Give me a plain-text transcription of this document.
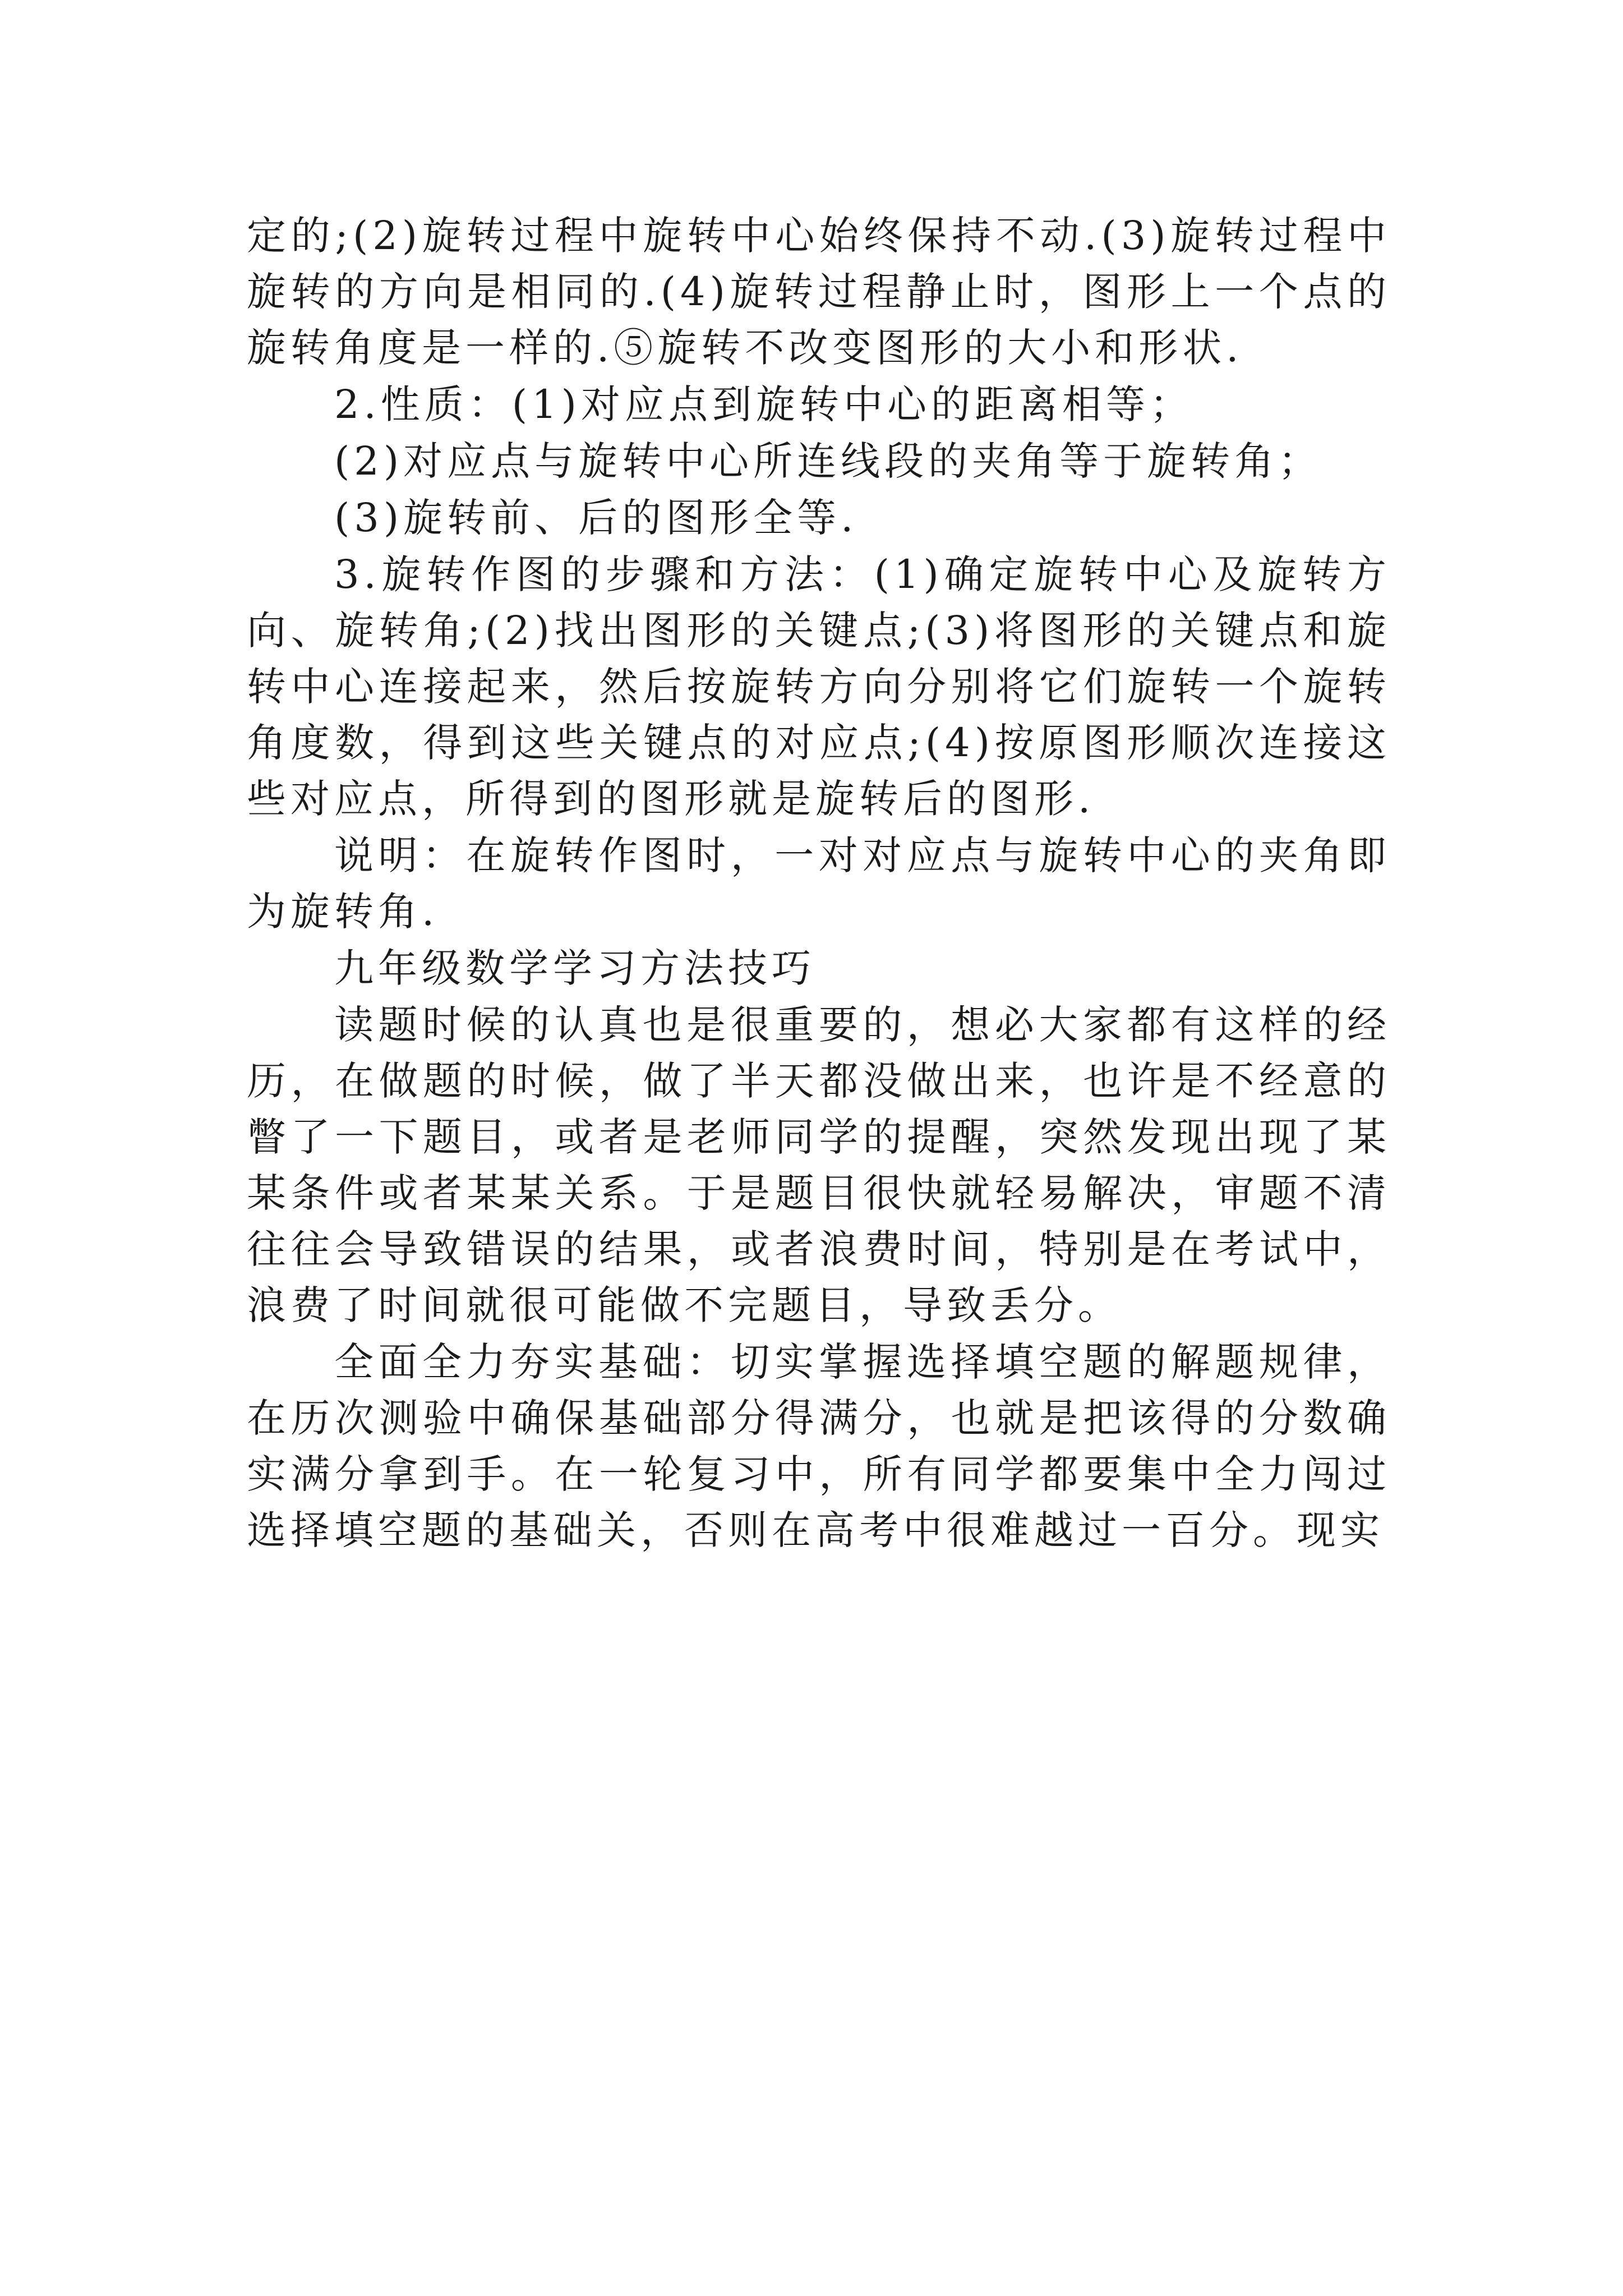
定的;(2)旋转过程中旋转中心始终保持不动.(3)旋转过程中旋转的方向是相同的.(4)旋转过程静止时，图形上一个点的旋转角度是一样的.⑤旋转不改变图形的大小和形状.

2.性质：(1)对应点到旋转中心的距离相等；

(2)对应点与旋转中心所连线段的夹角等于旋转角；

(3)旋转前、后的图形全等.

3.旋转作图的步骤和方法：(1)确定旋转中心及旋转方向、旋转角;(2)找出图形的关键点;(3)将图形的关键点和旋转中心连接起来，然后按旋转方向分别将它们旋转一个旋转角度数，得到这些关键点的对应点;(4)按原图形顺次连接这些对应点，所得到的图形就是旋转后的图形.

说明：在旋转作图时，一对对应点与旋转中心的夹角即为旋转角.

九年级数学学习方法技巧

读题时候的认真也是很重要的，想必大家都有这样的经历，在做题的时候，做了半天都没做出来，也许是不经意的瞥了一下题目，或者是老师同学的提醒，突然发现出现了某某条件或者某某关系。于是题目很快就轻易解决，审题不清往往会导致错误的结果，或者浪费时间，特别是在考试中，浪费了时间就很可能做不完题目，导致丢分。

全面全力夯实基础：切实掌握选择填空题的解题规律，在历次测验中确保基础部分得满分，也就是把该得的分数确实满分拿到手。在一轮复习中，所有同学都要集中全力闯过选择填空题的基础关，否则在高考中很难越过一百分。现实
